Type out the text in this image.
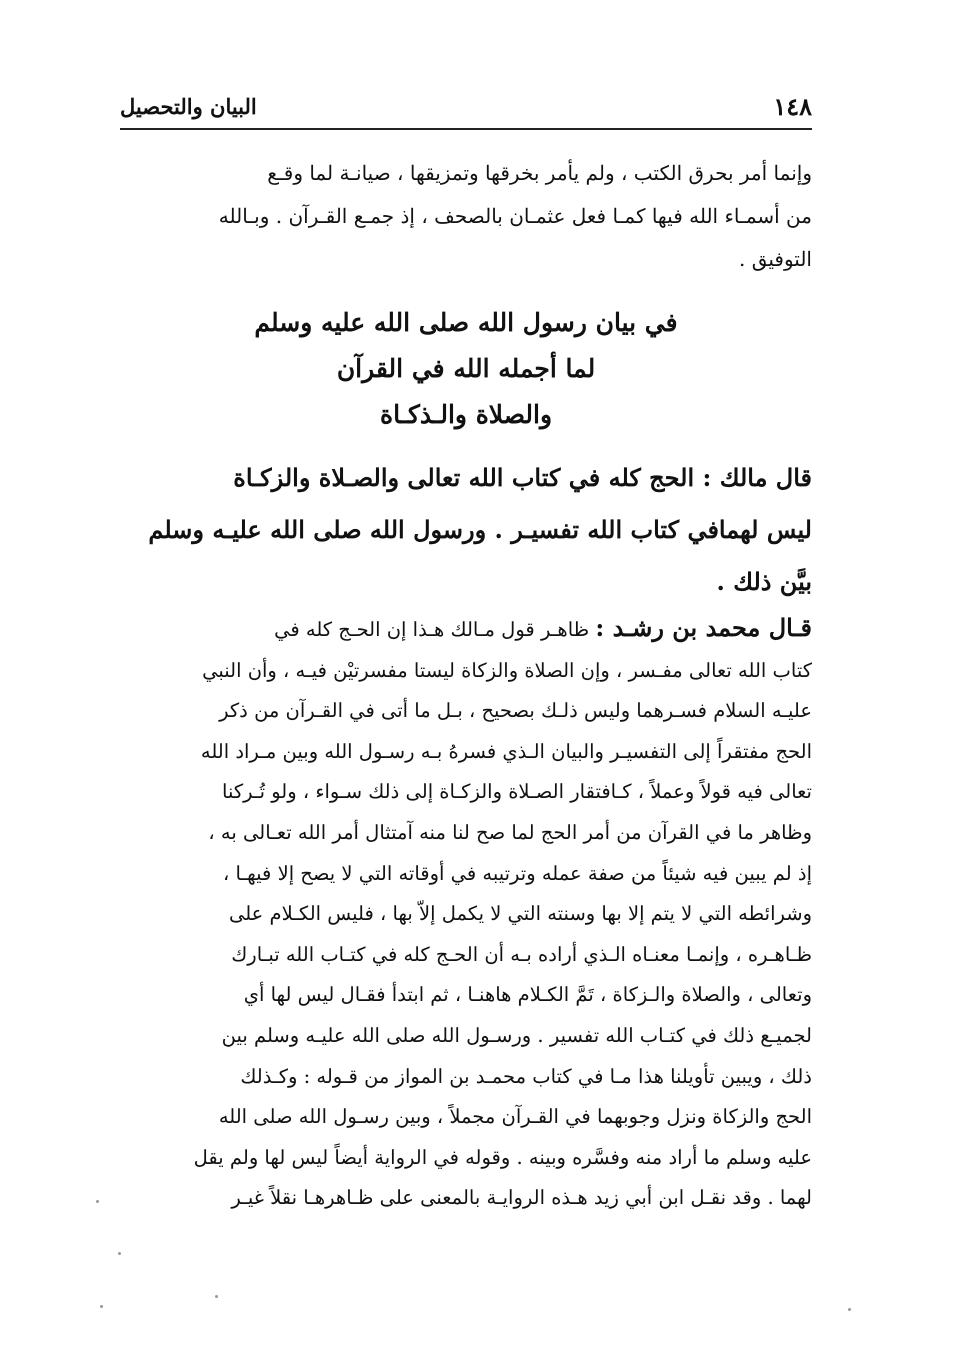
١٤٨
البيان والتحصيل
وإنما أمر بحرق الكتب ، ولم يأمر بخرقها وتمزيقها ، صيانـة لما وقـع
من أسمـاء الله فيها كمـا فعل عثمـان بالصحف ، إذ جمـع القـرآن . وبـالله
التوفيق .
في بيان رسول الله صلى الله عليه وسلم
لما أجمله الله في القرآن
والصلاة والـذكـاة
قال مالك : الحج كله في كتاب الله تعالى والصـلاة والزكـاة
ليس لهمافي كتاب الله تفسيـر . ورسول الله صلى الله عليـه وسلم
بيَّن ذلك .
قـال محمد بن رشـد : ظاهـر قول مـالك هـذا إن الحـج كله في
كتاب الله تعالى مفـسر ، وإن الصلاة والزكاة ليستا مفسرتيْن فيـه ، وأن النبي
عليـه السلام فسـرهما وليس ذلـك بصحيح ، بـل ما أتى في القـرآن من ذكر
الحج مفتقراً إلى التفسيـر والبيان الـذي فسرهُ بـه رسـول الله وبين مـراد الله
تعالى فيه قولاً وعملاً ، كـافتقار الصـلاة والزكـاة إلى ذلك سـواء ، ولو تُـركنا
وظاهر ما في القرآن من أمر الحج لما صح لنا منه آمتثال أمر الله تعـالى به ،
إذ لم يبين فيه شيئاً من صفة عمله وترتيبه في أوقاته التي لا يصح إلا فيهـا ،
وشرائطه التي لا يتم إلا بها وسنته التي لا يكمل إلاّ بها ، فليس الكـلام على
ظـاهـره ، وإنمـا معنـاه الـذي أراده بـه أن الحـج كله في كتـاب الله تبـارك
وتعالى ، والصلاة والـزكاة ، تَمَّ الكـلام هاهنـا ، ثم ابتدأ فقـال ليس لها أي
لجميـع ذلك في كتـاب الله تفسير . ورسـول الله صلى الله عليـه وسلم بين
ذلك ، ويبين تأويلنا هذا مـا في كتاب محمـد بن المواز من قـوله : وكـذلك
الحج والزكاة ونزل وجوبهما في القـرآن مجملاً ، وبين رسـول الله صلى الله
عليه وسلم ما أراد منه وفسَّره وبينه . وقوله في الرواية أيضاً ليس لها ولم يقل
لهما . وقد نقـل ابن أبي زيد هـذه الروايـة بالمعنى على ظـاهرهـا نقلاً غيـر
